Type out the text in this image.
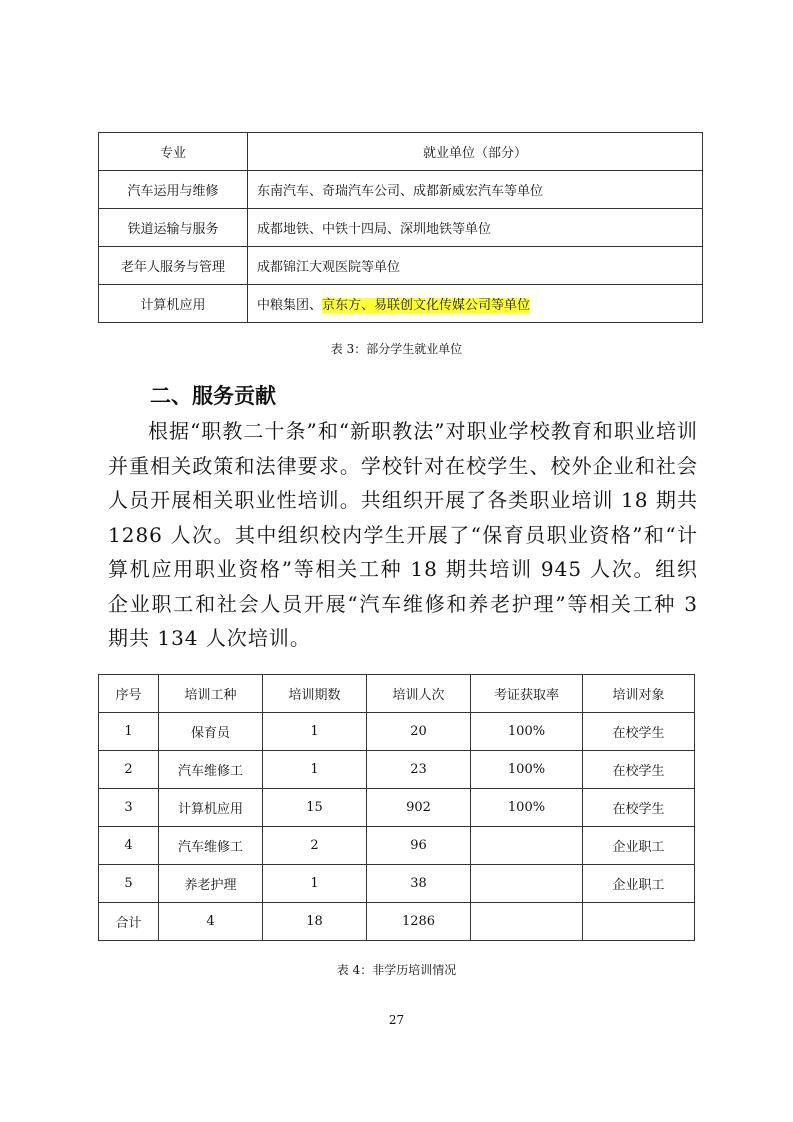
专业	就业单位（部分）
汽车运用与维修	东南汽车、奇瑞汽车公司、成都新威宏汽车等单位
铁道运输与服务	成都地铁、中铁十四局、深圳地铁等单位
老年人服务与管理	成都锦江大观医院等单位
计算机应用	中粮集团、京东方、易联创文化传媒公司等单位
表 3：部分学生就业单位
二、服务贡献

根据“职教二十条”和“新职教法”对职业学校教育和职业培训并重相关政策和法律要求。学校针对在校学生、校外企业和社会人员开展相关职业性培训。共组织开展了各类职业培训 18 期共 1286 人次。其中组织校内学生开展了“保育员职业资格”和“计算机应用职业资格”等相关工种 18 期共培训 945 人次。组织企业职工和社会人员开展“汽车维修和养老护理”等相关工种 3 期共 134 人次培训。

序号	培训工种	培训期数	培训人次	考证获取率	培训对象
1	保育员	1	20	100%	在校学生
2	汽车维修工	1	23	100%	在校学生
3	计算机应用	15	902	100%	在校学生
4	汽车维修工	2	96		企业职工
5	养老护理	1	38		企业职工
合计	4	18	1286		
表 4：非学历培训情况
27
